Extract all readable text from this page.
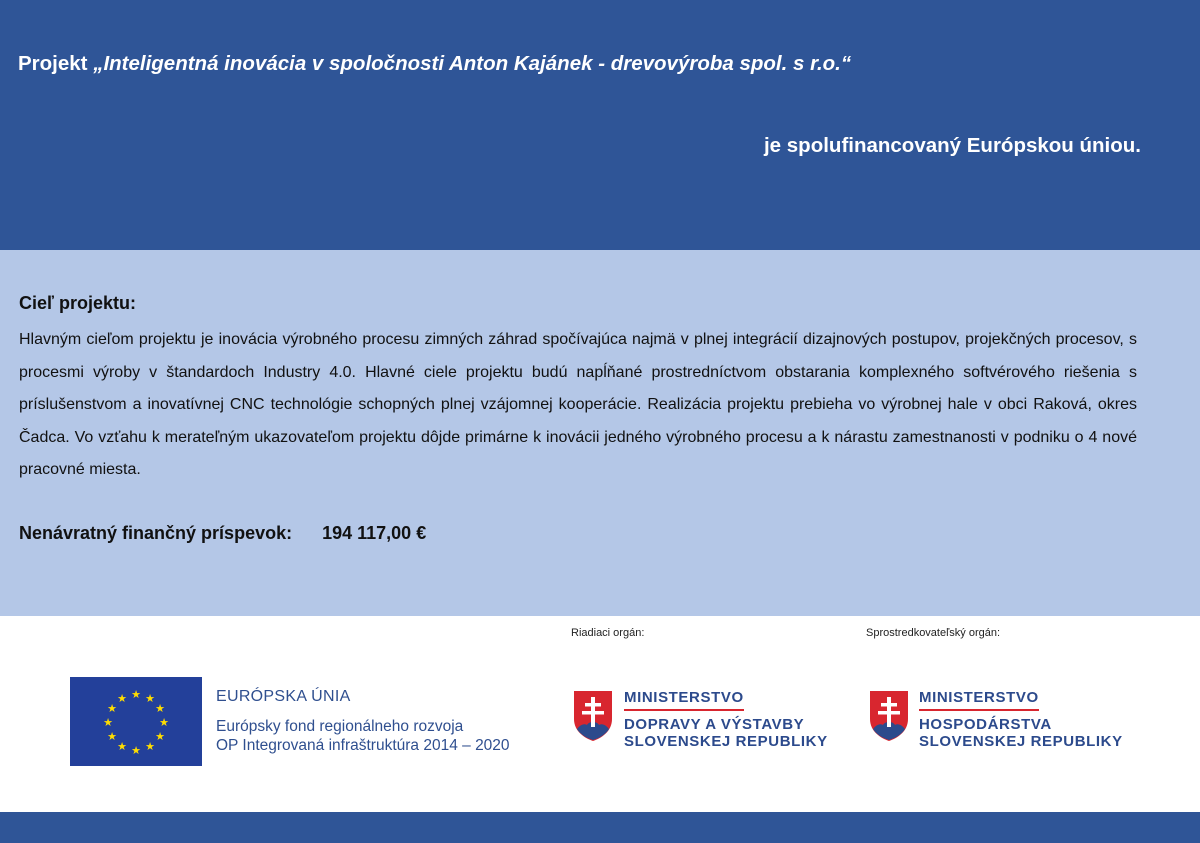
Projekt „Inteligentná inovácia v spoločnosti Anton Kajánek - drevovýroba spol. s r.o.“
je spolufinancovaný Európskou úniou.
Cieľ projektu:

Hlavným cieľom projektu je inovácia výrobného procesu zimných záhrad spočívajúca najmä v plnej integrácií dizajnových postupov, projekčných procesov, s procesmi výroby v štandardoch Industry 4.0. Hlavné ciele projektu budú napĺňané prostredníctvom obstarania komplexného softvérového riešenia s príslušenstvom a inovatívnej CNC technológie schopných plnej vzájomnej kooperácie. Realizácia projektu prebieha vo výrobnej hale v obci Raková, okres Čadca. Vo vzťahu k merateľným ukazovateľom projektu dôjde primárne k inovácii jedného výrobného procesu a k nárastu zamestnanosti v podniku o 4 nové pracovné miesta.

Nenávratný finančný príspevok: 194 117,00 €
Riadiaci orgán:	Sprostredkovateľský orgán:
★ ★
★
★
★
★
★
★
★
★
★
★	EURÓPSKA ÚNIA
Európsky fond regionálneho rozvoja
OP Integrovaná infraštruktúra 2014 – 2020
MINISTERSTVO
DOPRAVY A VÝSTAVBY
SLOVENSKEJ REPUBLIKY
MINISTERSTVO
HOSPODÁRSTVA
SLOVENSKEJ REPUBLIKY
